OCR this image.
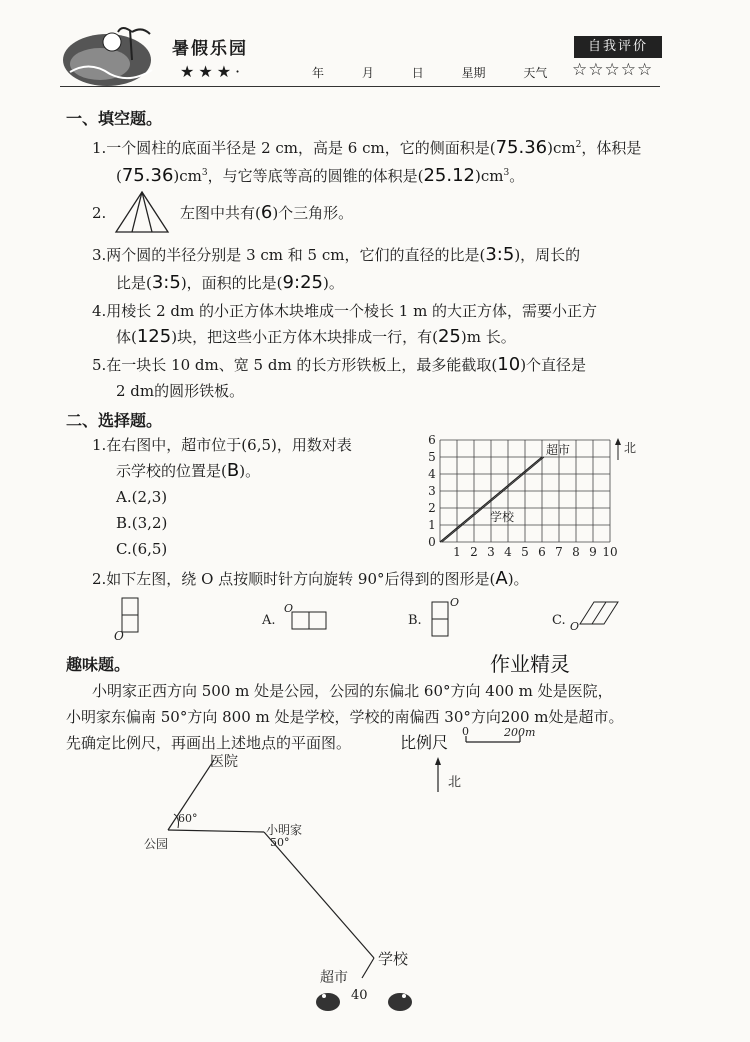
暑假乐园
★★★·	年	月	日	星期	天气
自我评价
☆☆☆☆☆
一、填空题。
1.一个圆柱的底面半径是 2 cm，高是 6 cm，它的侧面积是$(75.36)cm^2$，体积是
$(75.36)cm^3$，与它等底等高的圆锥的体积是$(25.12)cm^3$。
2.	左图中共有(6)个三角形。
3.两个圆的半径分别是 3 cm 和 5 cm，它们的直径的比是(3:5)，周长的
比是(3:5)，面积的比是(9:25)。
4.用棱长 2 dm 的小正方体木块堆成一个棱长 1 m 的大正方体，需要小正方
体(125)块，把这些小正方体木块排成一行，有(25)m 长。
5.在一块长 10 dm、宽 5 dm 的长方形铁板上，最多能截取(10)个直径是
2 dm的圆形铁板。
二、选择题。
1.在右图中，超市位于(6,5)，用数对表
示学校的位置是(B)。
A.(2,3)
B.(3,2)
C.(6,5)	0
1 2 3 4 5 6 7 8 9 10
1
2
3
4
5
6
超市
学校
北
2.如下左图，绕 O 点按顺时针方向旋转 90°后得到的图形是(A)。
O
A.
O
B.
O
C. O
趣味题。	作业精灵
小明家正西方向 500 m 处是公园，公园的东偏北 60°方向 400 m 处是医院，
小明家东偏南 50°方向 800 m 处是学校，学校的南偏西 30°方向200 m处是超市。
先确定比例尺，再画出上述地点的平面图。	比例尺
0	200m
北
医院
公园
小明家
60°
50°
学校
超市
40
